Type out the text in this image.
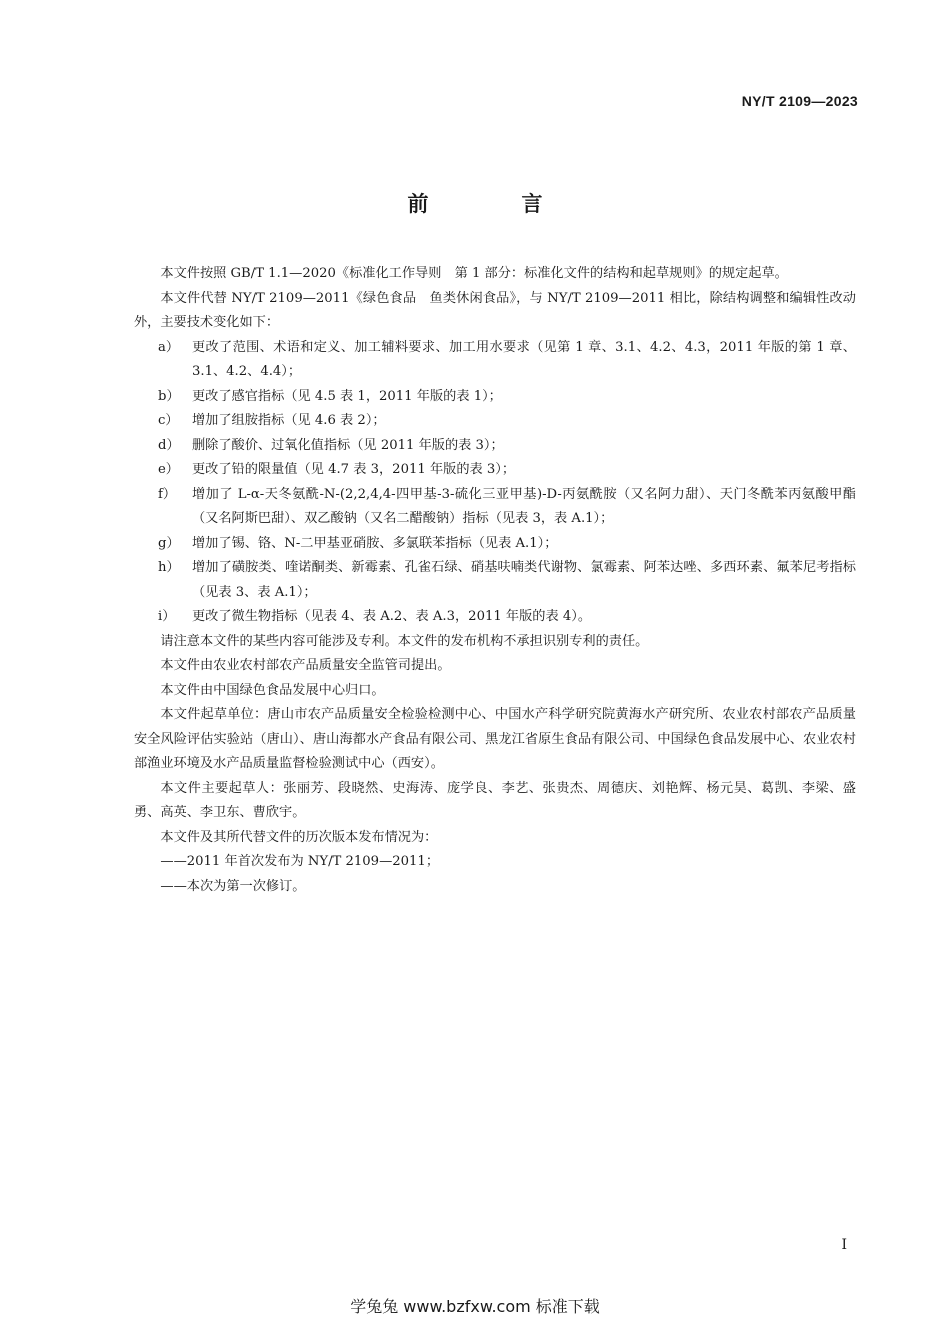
NY/T 2109—2023
前　言

本文件按照 GB/T 1.1—2020《标准化工作导则　第 1 部分：标准化文件的结构和起草规则》的规定起草。

本文件代替 NY/T 2109—2011《绿色食品　鱼类休闲食品》，与 NY/T 2109—2011 相比，除结构调整和编辑性改动外，主要技术变化如下：

a） 更改了范围、术语和定义、加工辅料要求、加工用水要求（见第 1 章、3.1、4.2、4.3，2011 年版的第 1 章、3.1、4.2、4.4）；
b） 更改了感官指标（见 4.5 表 1，2011 年版的表 1）；
c）	增加了组胺指标（见 4.6 表 2）；
d） 删除了酸价、过氧化值指标（见 2011 年版的表 3）；
e） 更改了铅的限量值（见 4.7 表 3，2011 年版的表 3）；
f）	增加了 L-α-天冬氨酰-N-(2,2,4,4-四甲基-3-硫化三亚甲基)-D-丙氨酰胺（又名阿力甜）、天门冬酰苯丙氨酸甲酯（又名阿斯巴甜）、双乙酸钠（又名二醋酸钠）指标（见表 3，表 A.1）；
g） 增加了锡、铬、N-二甲基亚硝胺、多氯联苯指标（见表 A.1）；
h） 增加了磺胺类、喹诺酮类、新霉素、孔雀石绿、硝基呋喃类代谢物、氯霉素、阿苯达唑、多西环素、氟苯尼考指标（见表 3、表 A.1）；
i）	更改了微生物指标（见表 4、表 A.2、表 A.3，2011 年版的表 4）。

请注意本文件的某些内容可能涉及专利。本文件的发布机构不承担识别专利的责任。

本文件由农业农村部农产品质量安全监管司提出。

本文件由中国绿色食品发展中心归口。

本文件起草单位：唐山市农产品质量安全检验检测中心、中国水产科学研究院黄海水产研究所、农业农村部农产品质量安全风险评估实验站（唐山）、唐山海都水产食品有限公司、黑龙江省原生食品有限公司、中国绿色食品发展中心、农业农村部渔业环境及水产品质量监督检验测试中心（西安）。

本文件主要起草人：张丽芳、段晓然、史海涛、庞学良、李艺、张贵杰、周德庆、刘艳辉、杨元昊、葛凯、李梁、盛勇、高英、李卫东、曹欣宇。

本文件及其所代替文件的历次版本发布情况为：

——2011 年首次发布为 NY/T 2109—2011；

——本次为第一次修订。

I
学兔兔 www.bzfxw.com 标准下载
